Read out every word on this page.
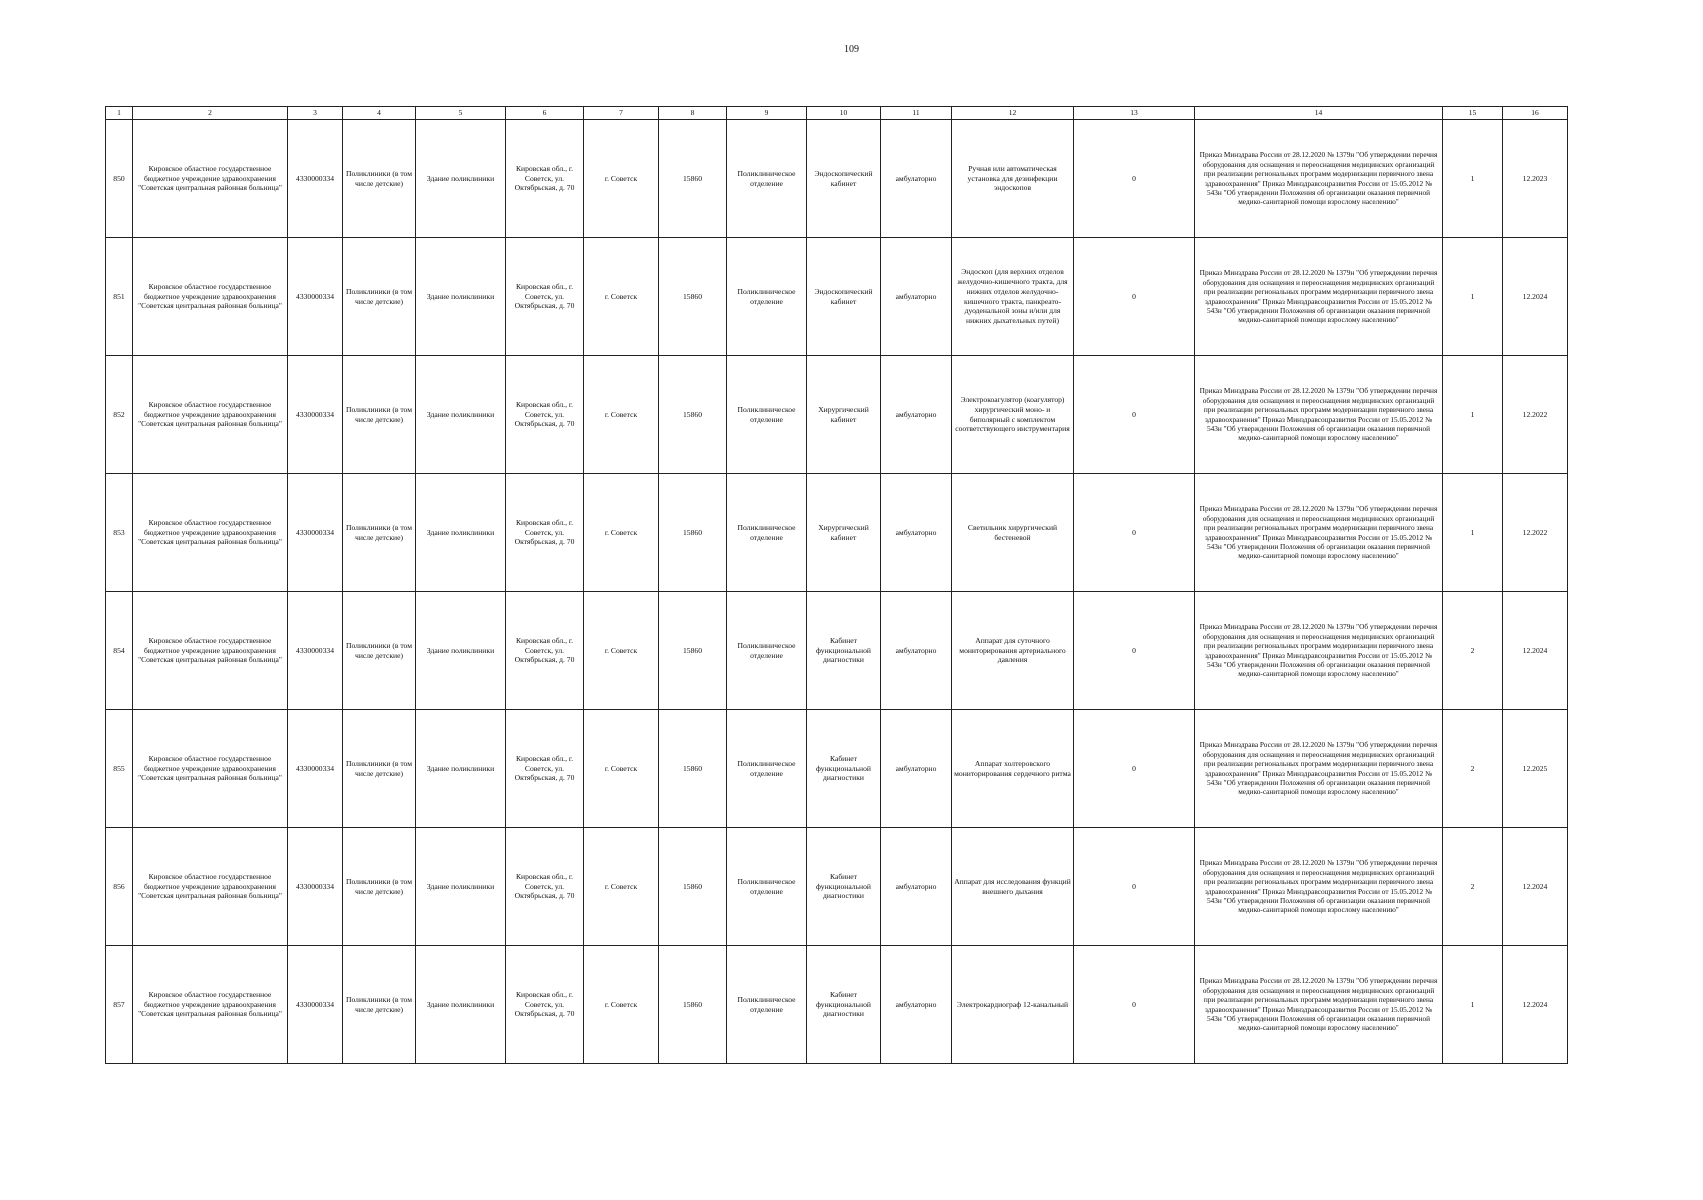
109
1	2	3	4	5	6	7	8	9	10	11	12	13	14	15	16
850	Кировское областное государственное бюджетное учреждение здравоохранения "Советская центральная районная больница"	4330000334	Поликлиники (в том числе детские)	Здание поликлиники	Кировская обл., г. Советск, ул. Октябрьская, д. 70	г. Советск	15860	Поликлиническое отделение	Эндоскопический кабинет	амбулаторно	Ручная или автоматическая установка для дезинфекции эндоскопов	0	Приказ Минздрава России от 28.12.2020 № 1379н "Об утверждении перечня оборудования для оснащения и переоснащения медицинских организаций при реализации региональных программ модернизации первичного звена здравоохранения" Приказ Минздравсоцразвития России от 15.05.2012 № 543н "Об утверждении Положения об организации оказания первичной медико-санитарной помощи взрослому населению"	1	12.2023
851	Кировское областное государственное бюджетное учреждение здравоохранения "Советская центральная районная больница"	4330000334	Поликлиники (в том числе детские)	Здание поликлиники	Кировская обл., г. Советск, ул. Октябрьская, д. 70	г. Советск	15860	Поликлиническое отделение	Эндоскопический кабинет	амбулаторно	Эндоскоп (для верхних отделов желудочно-кишечного тракта, для нижних отделов желудочно-кишечного тракта, панкреато-дуоденальной зоны и/или для нижних дыхательных путей)	0	Приказ Минздрава России от 28.12.2020 № 1379н "Об утверждении перечня оборудования для оснащения и переоснащения медицинских организаций при реализации региональных программ модернизации первичного звена здравоохранения" Приказ Минздравсоцразвития России от 15.05.2012 № 543н "Об утверждении Положения об организации оказания первичной медико-санитарной помощи взрослому населению"	1	12.2024
852	Кировское областное государственное бюджетное учреждение здравоохранения "Советская центральная районная больница"	4330000334	Поликлиники (в том числе детские)	Здание поликлиники	Кировская обл., г. Советск, ул. Октябрьская, д. 70	г. Советск	15860	Поликлиническое отделение	Хирургический кабинет	амбулаторно	Электрокоагулятор (коагулятор) хирургический моно- и биполярный с комплектом соответствующего инструментария	0	Приказ Минздрава России от 28.12.2020 № 1379н "Об утверждении перечня оборудования для оснащения и переоснащения медицинских организаций при реализации региональных программ модернизации первичного звена здравоохранения" Приказ Минздравсоцразвития России от 15.05.2012 № 543н "Об утверждении Положения об организации оказания первичной медико-санитарной помощи взрослому населению"	1	12.2022
853	Кировское областное государственное бюджетное учреждение здравоохранения "Советская центральная районная больница"	4330000334	Поликлиники (в том числе детские)	Здание поликлиники	Кировская обл., г. Советск, ул. Октябрьская, д. 70	г. Советск	15860	Поликлиническое отделение	Хирургический кабинет	амбулаторно	Светильник хирургический бестеневой	0	Приказ Минздрава России от 28.12.2020 № 1379н "Об утверждении перечня оборудования для оснащения и переоснащения медицинских организаций при реализации региональных программ модернизации первичного звена здравоохранения" Приказ Минздравсоцразвития России от 15.05.2012 № 543н "Об утверждении Положения об организации оказания первичной медико-санитарной помощи взрослому населению"	1	12.2022
854	Кировское областное государственное бюджетное учреждение здравоохранения "Советская центральная районная больница"	4330000334	Поликлиники (в том числе детские)	Здание поликлиники	Кировская обл., г. Советск, ул. Октябрьская, д. 70	г. Советск	15860	Поликлиническое отделение	Кабинет функциональной диагностики	амбулаторно	Аппарат для суточного мониторирования артериального давления	0	Приказ Минздрава России от 28.12.2020 № 1379н "Об утверждении перечня оборудования для оснащения и переоснащения медицинских организаций при реализации региональных программ модернизации первичного звена здравоохранения" Приказ Минздравсоцразвития России от 15.05.2012 № 543н "Об утверждении Положения об организации оказания первичной медико-санитарной помощи взрослому населению"	2	12.2024
855	Кировское областное государственное бюджетное учреждение здравоохранения "Советская центральная районная больница"	4330000334	Поликлиники (в том числе детские)	Здание поликлиники	Кировская обл., г. Советск, ул. Октябрьская, д. 70	г. Советск	15860	Поликлиническое отделение	Кабинет функциональной диагностики	амбулаторно	Аппарат холтеровского мониторирования сердечного ритма	0	Приказ Минздрава России от 28.12.2020 № 1379н "Об утверждении перечня оборудования для оснащения и переоснащения медицинских организаций при реализации региональных программ модернизации первичного звена здравоохранения" Приказ Минздравсоцразвития России от 15.05.2012 № 543н "Об утверждении Положения об организации оказания первичной медико-санитарной помощи взрослому населению"	2	12.2025
856	Кировское областное государственное бюджетное учреждение здравоохранения "Советская центральная районная больница"	4330000334	Поликлиники (в том числе детские)	Здание поликлиники	Кировская обл., г. Советск, ул. Октябрьская, д. 70	г. Советск	15860	Поликлиническое отделение	Кабинет функциональной диагностики	амбулаторно	Аппарат для исследования функций внешнего дыхания	0	Приказ Минздрава России от 28.12.2020 № 1379н "Об утверждении перечня оборудования для оснащения и переоснащения медицинских организаций при реализации региональных программ модернизации первичного звена здравоохранения" Приказ Минздравсоцразвития России от 15.05.2012 № 543н "Об утверждении Положения об организации оказания первичной медико-санитарной помощи взрослому населению"	2	12.2024
857	Кировское областное государственное бюджетное учреждение здравоохранения "Советская центральная районная больница"	4330000334	Поликлиники (в том числе детские)	Здание поликлиники	Кировская обл., г. Советск, ул. Октябрьская, д. 70	г. Советск	15860	Поликлиническое отделение	Кабинет функциональной диагностики	амбулаторно	Электрокардиограф 12-канальный	0	Приказ Минздрава России от 28.12.2020 № 1379н "Об утверждении перечня оборудования для оснащения и переоснащения медицинских организаций при реализации региональных программ модернизации первичного звена здравоохранения" Приказ Минздравсоцразвития России от 15.05.2012 № 543н "Об утверждении Положения об организации оказания первичной медико-санитарной помощи взрослому населению"	1	12.2024
